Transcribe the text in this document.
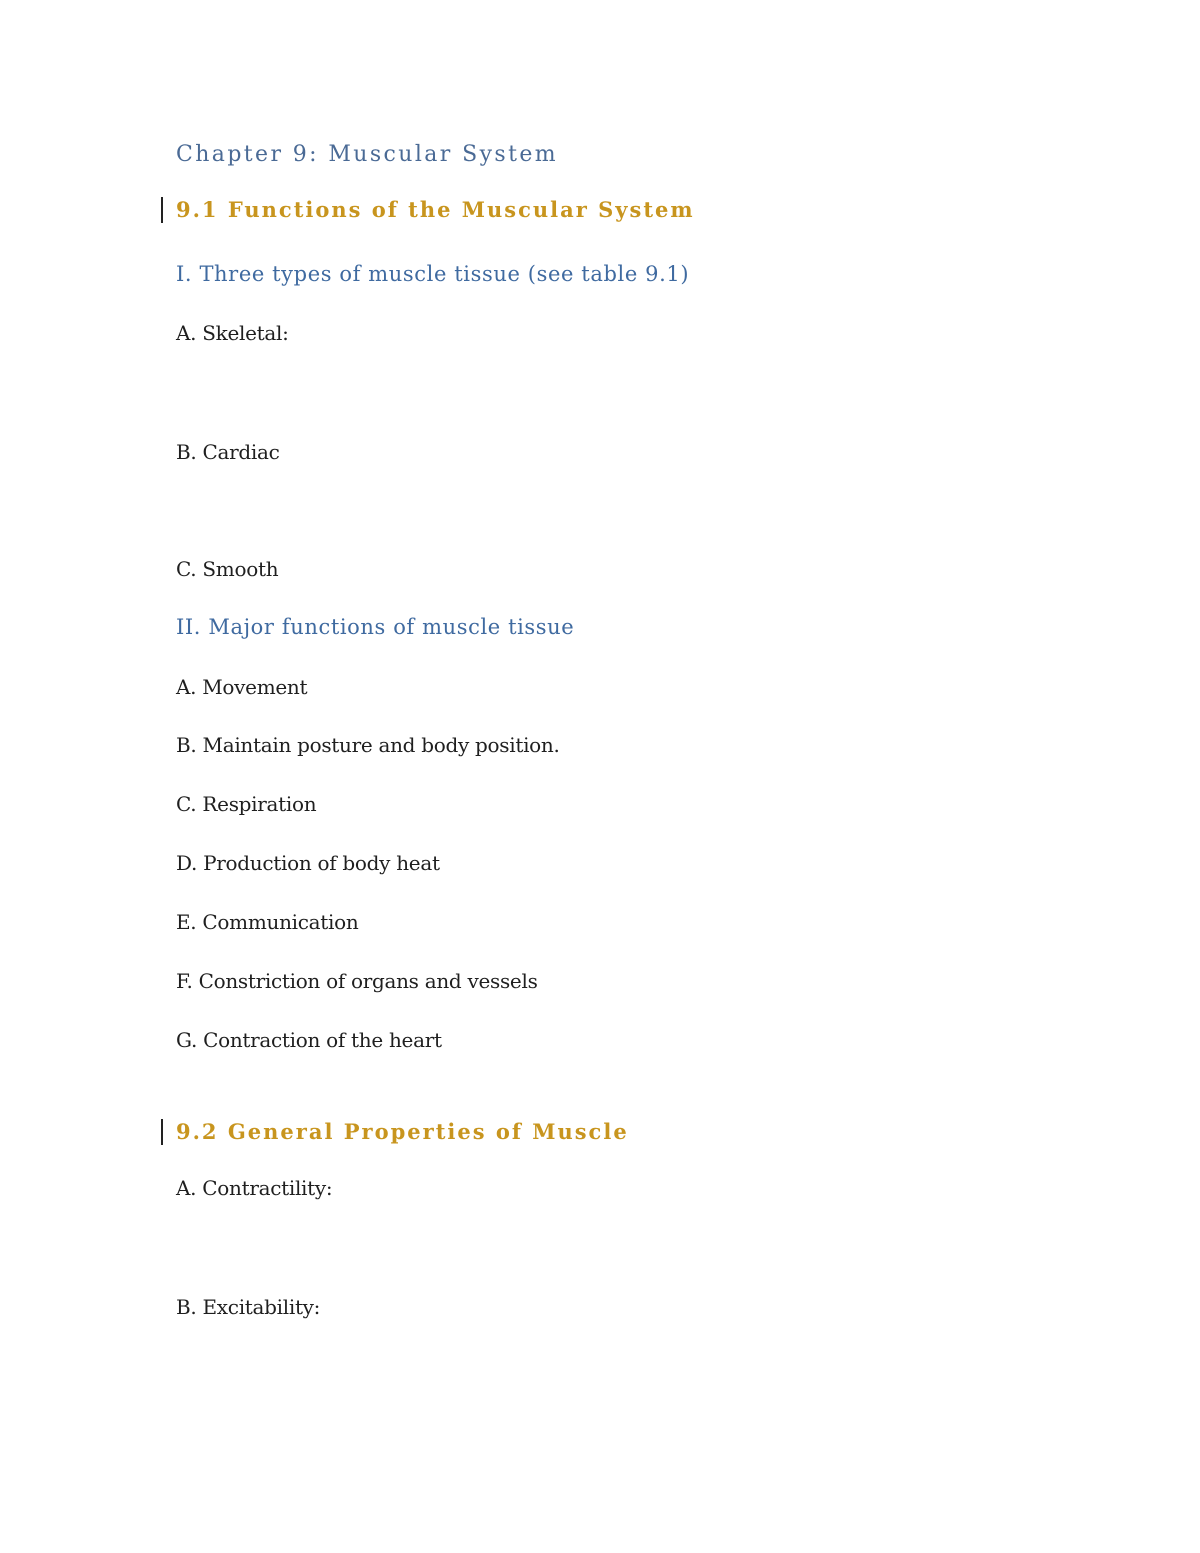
Chapter 9: Muscular System
9.1 Functions of the Muscular System
I. Three types of muscle tissue (see table 9.1)
A. Skeletal:
B. Cardiac
C. Smooth
II. Major functions of muscle tissue
A. Movement
B. Maintain posture and body position.
C. Respiration
D. Production of body heat
E. Communication
F. Constriction of organs and vessels
G. Contraction of the heart
9.2 General Properties of Muscle
A. Contractility:
B. Excitability:
